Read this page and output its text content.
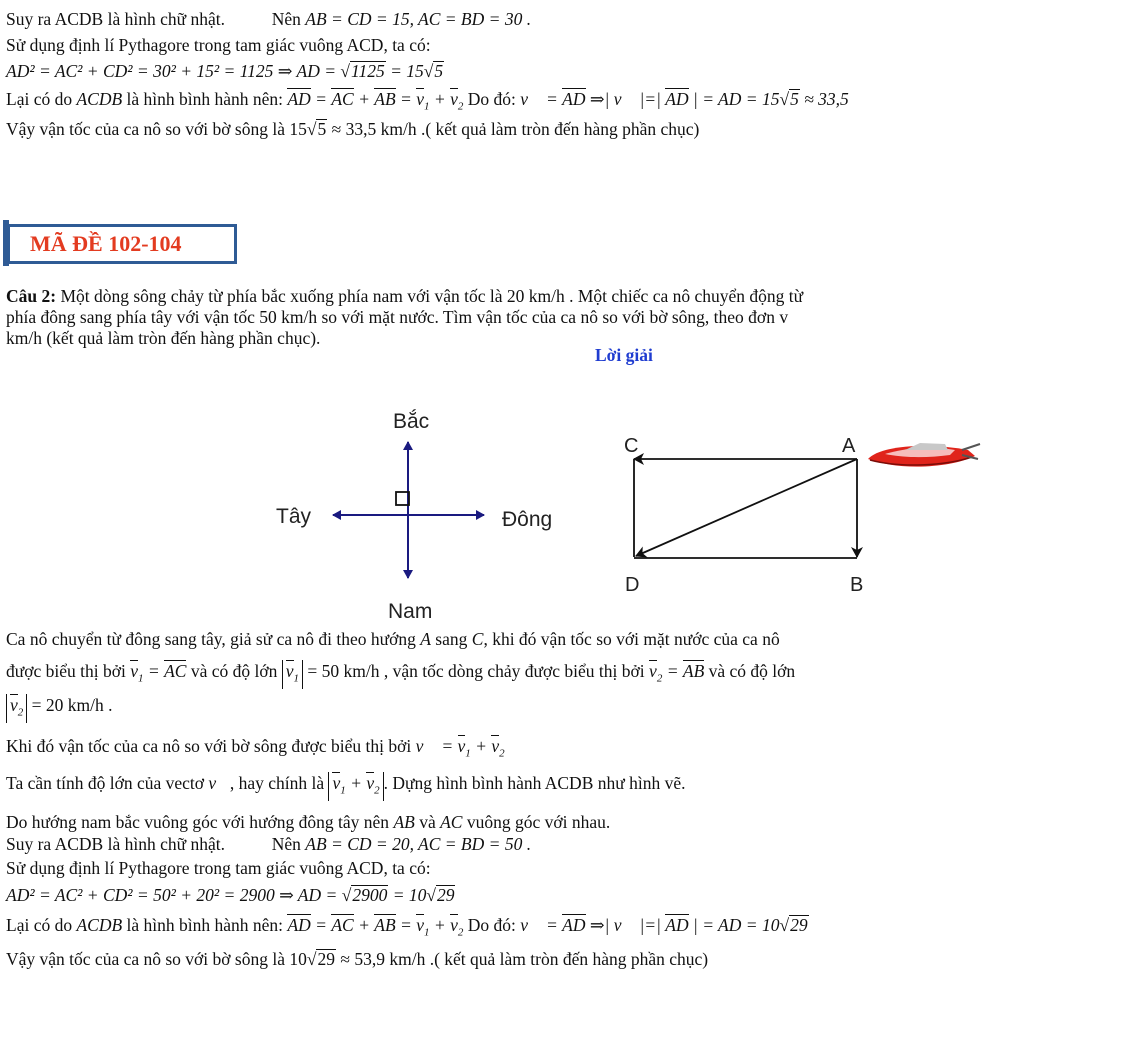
Suy ra ACDB là hình chữ nhật.	Nên AB = CD = 15, AC = BD = 30 .
Sử dụng định lí Pythagore trong tam giác vuông ACD, ta có:
AD² = AC² + CD² = 30² + 15² = 1125 ⇒ AD = √1125 = 15√5
Lại có do ACDB là hình bình hành nên: AD = AC + AB = $v_1 + v_2$ Do đó: v⃗ = AD ⇒| v⃗ |=| AD | = AD = 15√5 ≈ 33,5
Vậy vận tốc của ca nô so với bờ sông là 15√5 ≈ 33,5 km/h .( kết quả làm tròn đến hàng phần chục)
MÃ ĐỀ 102-104
Câu 2: Một dòng sông chảy từ phía bắc xuống phía nam với vận tốc là 20 km/h . Một chiếc ca nô chuyển động từ
phía đông sang phía tây với vận tốc 50 km/h so với mặt nước. Tìm vận tốc của ca nô so với bờ sông, theo đơn v
km/h (kết quả làm tròn đến hàng phần chục).
Lời giải
Bắc
Nam
Tây	Đông
C	A
D	B
Ca nô chuyển từ đông sang tây, giả sử ca nô đi theo hướng A sang C, khi đó vận tốc so với mặt nước của ca nô
được biểu thị bởi $v_1$ = AC và có độ lớn $v_1 = 50$ km/h , vận tốc dòng chảy được biểu thị bởi $v_2$ = AB và có độ lớn
$v_2 = 20$ km/h .
Khi đó vận tốc của ca nô so với bờ sông được biểu thị bởi v⃗ = $v_1 + v_2$
Ta cần tính độ lớn của vectơ v⃗, hay chính là $v_1 + v_2$ . Dựng hình bình hành ACDB như hình vẽ.
Do hướng nam bắc vuông góc với hướng đông tây nên AB và AC vuông góc với nhau.
Suy ra ACDB là hình chữ nhật.	Nên AB = CD = 20, AC = BD = 50 .
Sử dụng định lí Pythagore trong tam giác vuông ACD, ta có:
AD² = AC² + CD² = 50² + 20² = 2900 ⇒ AD = √2900 = 10√29
Lại có do ACDB là hình bình hành nên: AD = AC + AB = $v_1 + v_2$ Do đó: v⃗ = AD ⇒| v⃗ |=| AD | = AD = 10√29
Vậy vận tốc của ca nô so với bờ sông là 10√29 ≈ 53,9 km/h .( kết quả làm tròn đến hàng phần chục)
